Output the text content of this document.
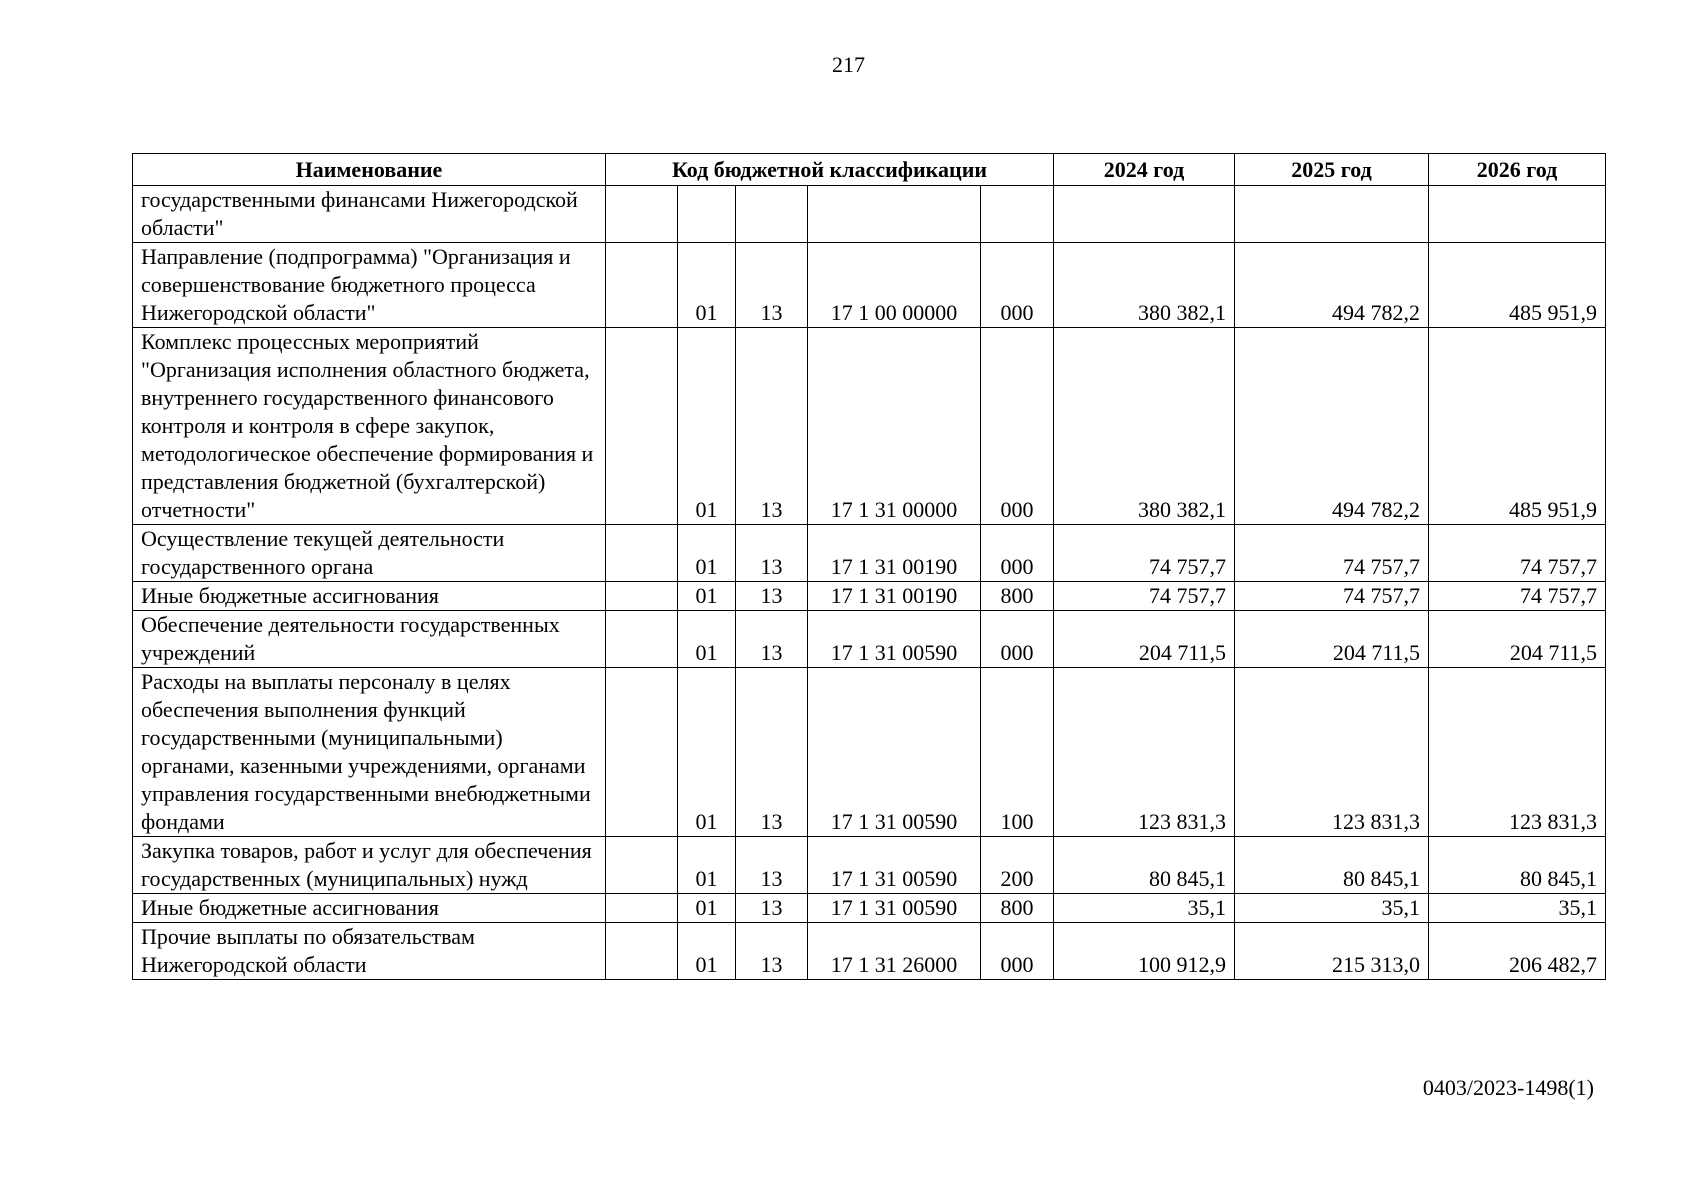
217
Наименование	Код бюджетной классификации					2024 год	2025 год	2026 год
государственными финансами Нижегородской области"								
Направление (подпрограмма) "Организация и совершенствование бюджетного процесса Нижегородской области"		01	13	17 1 00 00000	000	380 382,1	494 782,2	485 951,9
Комплекс процессных мероприятий "Организация исполнения областного бюджета, внутреннего государственного финансового контроля и контроля в сфере закупок, методологическое обеспечение формирования и представления бюджетной (бухгалтерской) отчетности"		01	13	17 1 31 00000	000	380 382,1	494 782,2	485 951,9
Осуществление текущей деятельности государственного органа		01	13	17 1 31 00190	000	74 757,7	74 757,7	74 757,7
Иные бюджетные ассигнования		01	13	17 1 31 00190	800	74 757,7	74 757,7	74 757,7
Обеспечение деятельности государственных учреждений		01	13	17 1 31 00590	000	204 711,5	204 711,5	204 711,5
Расходы на выплаты персоналу в целях обеспечения выполнения функций государственными (муниципальными) органами, казенными учреждениями, органами управления государственными внебюджетными фондами		01	13	17 1 31 00590	100	123 831,3	123 831,3	123 831,3
Закупка товаров, работ и услуг для обеспечения государственных (муниципальных) нужд		01	13	17 1 31 00590	200	80 845,1	80 845,1	80 845,1
Иные бюджетные ассигнования		01	13	17 1 31 00590	800	35,1	35,1	35,1
Прочие выплаты по обязательствам Нижегородской области		01	13	17 1 31 26000	000	100 912,9	215 313,0	206 482,7
0403/2023-1498(1)
